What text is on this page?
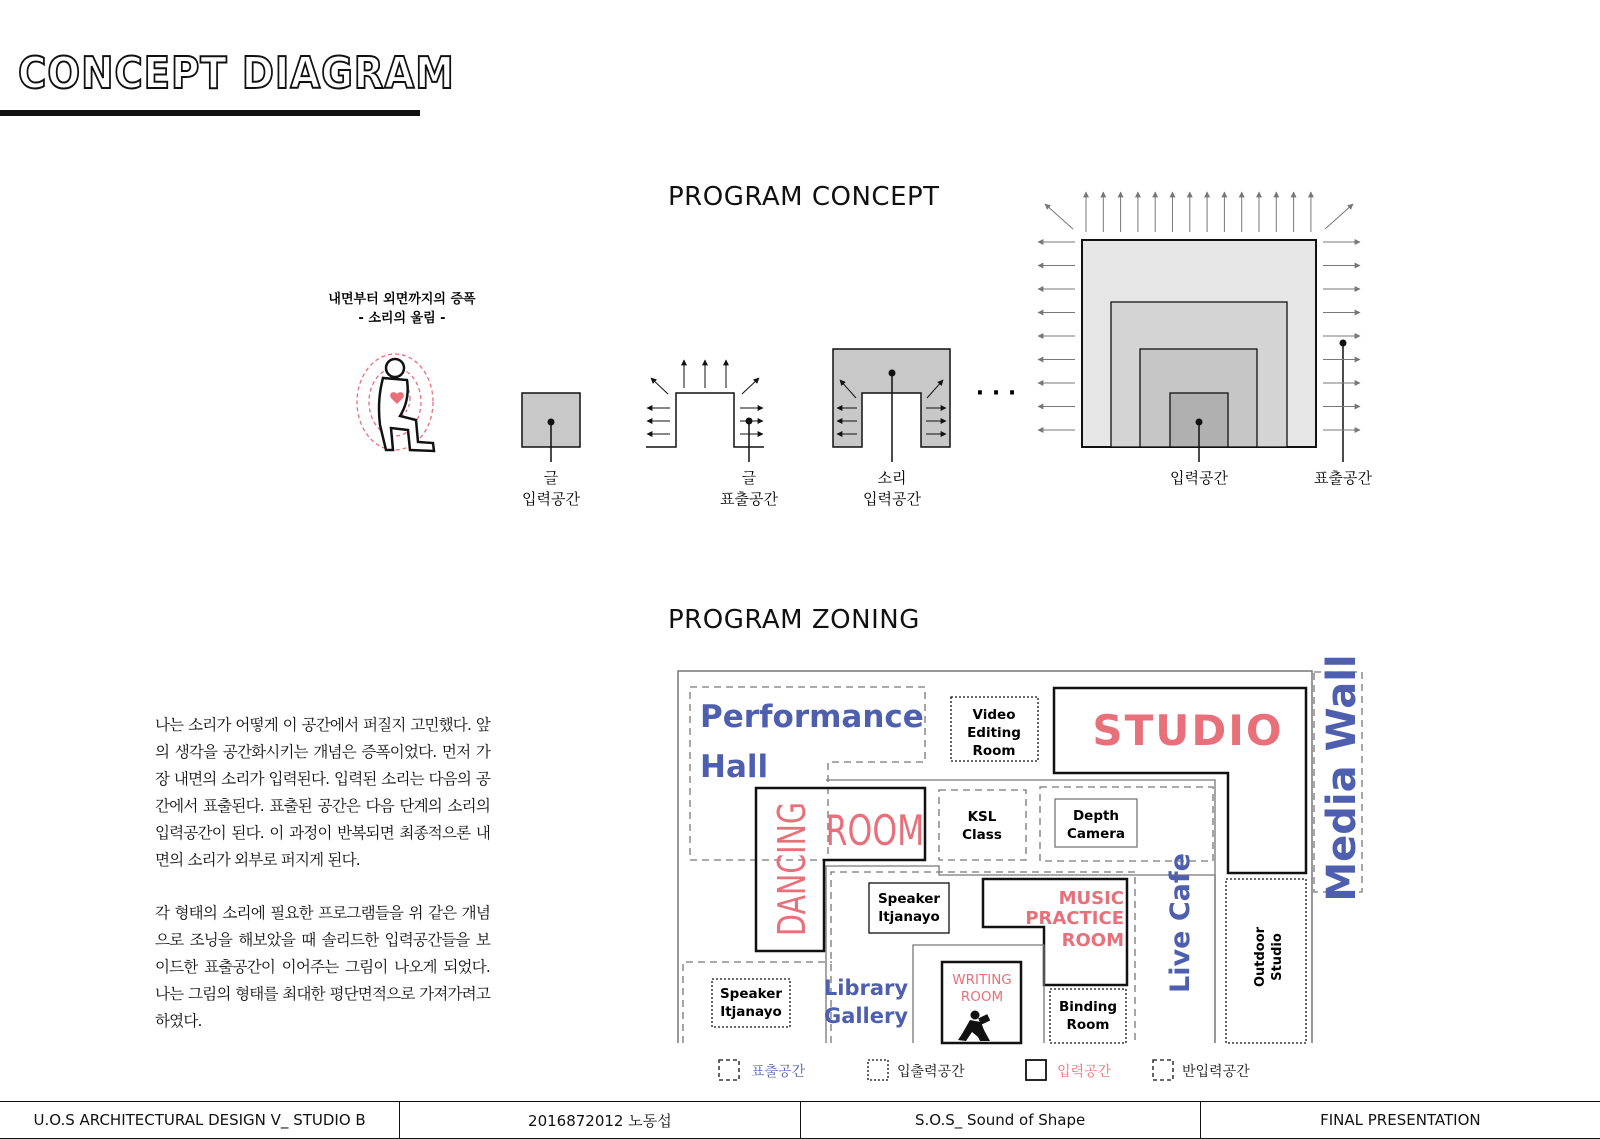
CONCEPT DIAGRAM
PROGRAM CONCEPT
PROGRAM ZONING
내면부터 외면까지의 증폭
- 소리의 울림 -
글
입력공간
글
표출공간
소리
입력공간
· · ·
입력공간	표출공간

나는 소리가 어떻게 이 공간에서 퍼질지 고민했다. 앞의 생각을 공간화시키는 개념은 증폭이었다. 먼저 가장 내면의 소리가 입력된다. 입력된 소리는 다음의 공간에서 표출된다. 표출된 공간은 다음 단계의 소리의 입력공간이 된다. 이 과정이 반복되면 최종적으론 내면의 소리가 외부로 퍼지게 된다.

각 형태의 소리에 필요한 프로그램들을 위 같은 개념으로 조닝을 해보았을 때 솔리드한 입력공간들을 보이드한 표출공간이 이어주는 그림이 나오게 되었다. 나는 그림의 형태를 최대한 평단면적으로 가져가려고 하였다.

Performance
Hall
Video
Editing
Room STUDIO Media Wall
DANCING ROOM	KSL
Class
Depth
Camera
Live Cafe	Outdoor Studio
Speaker
Itjanayo
MUSIC
PRACTICE
ROOM
Speaker
Itjanayo
Library
Gallery
WRITING
ROOM
Binding
Room
표출공간	입출력공간	입력공간	반입력공간
U.O.S ARCHITECTURAL DESIGN V_ STUDIO B	2016872012 노동섭	S.O.S_ Sound of Shape	FINAL PRESENTATION
